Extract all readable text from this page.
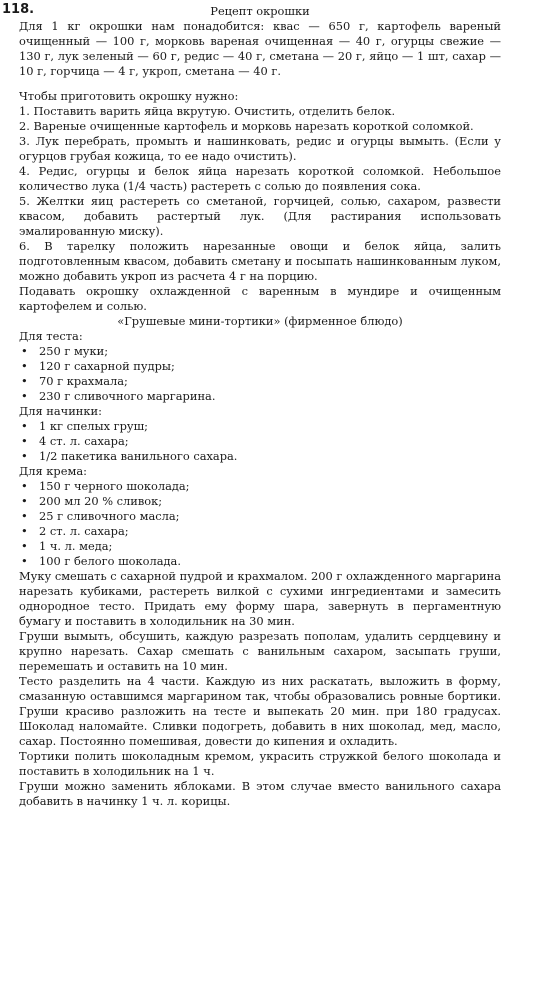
118.	Рецепт окрошки

Для 1 кг окрошки нам понадобится: квас — 650 г, картофель вареный очищенный — 100 г, морковь вареная очищенная — 40 г, огурцы свежие — 130 г, лук зеленый — 60 г, редис — 40 г, сметана — 20 г, яйцо — 1 шт, сахар — 10 г, горчица — 4 г, укроп, сметана — 40 г.

Чтобы приготовить окрошку нужно:

1. Поставить варить яйца вкрутую. Очистить, отделить белок.

2. Вареные очищенные картофель и морковь нарезать короткой соломкой.

3. Лук перебрать, промыть и нашинковать, редис и огурцы вымыть. (Если у огурцов грубая кожица, то ее надо очистить).

4. Редис, огурцы и белок яйца нарезать короткой соломкой. Небольшое количество лука (1/4 часть) растереть с солью до появления сока.

5. Желтки яиц растереть со сметаной, горчицей, солью, сахаром, развести квасом, добавить растертый лук. (Для растирания использовать эмалированную миску).

6. В тарелку положить нарезанные овощи и белок яйца, залить подготовленным квасом, добавить сметану и посыпать нашинкованным луком, можно добавить укроп из расчета 4 г на порцию.

Подавать окрошку охлажденной с варенным в мундире и очищенным картофелем и солью.

«Грушевые мини-тортики» (фирменное блюдо)

Для теста:

• 250 г муки;
• 120 г сахарной пудры;
• 70 г крахмала;
• 230 г сливочного маргарина.

Для начинки:

• 1 кг спелых груш;
• 4 ст. л. сахара;
• 1/2 пакетика ванильного сахара.

Для крема:

• 150 г черного шоколада;
• 200 мл 20 % сливок;
• 25 г сливочного масла;
• 2 ст. л. сахара;
• 1 ч. л. меда;
• 100 г белого шоколада.

Муку смешать с сахарной пудрой и крахмалом. 200 г охлажденного маргарина нарезать кубиками, растереть вилкой с сухими ингредиентами и замесить однородное тесто. Придать ему форму шара, завернуть в пергаментную бумагу и поставить в холодильник на 30 мин.

Груши вымыть, обсушить, каждую разрезать пополам, удалить сердцевину и крупно нарезать. Сахар смешать с ванильным сахаром, засыпать груши, перемешать и оставить на 10 мин.

Тесто разделить на 4 части. Каждую из них раскатать, выложить в форму, смазанную оставшимся маргарином так, чтобы образовались ровные бортики. Груши красиво разложить на тесте и выпекать 20 мин. при 180 градусах. Шоколад наломайте. Сливки подогреть, добавить в них шоколад, мед, масло, сахар. Постоянно помешивая, довести до кипения и охладить.

Тортики полить шоколадным кремом, украсить стружкой белого шоколада и поставить в холодильник на 1 ч.

Груши можно заменить яблоками. В этом случае вместо ванильного сахара добавить в начинку 1 ч. л. корицы.
